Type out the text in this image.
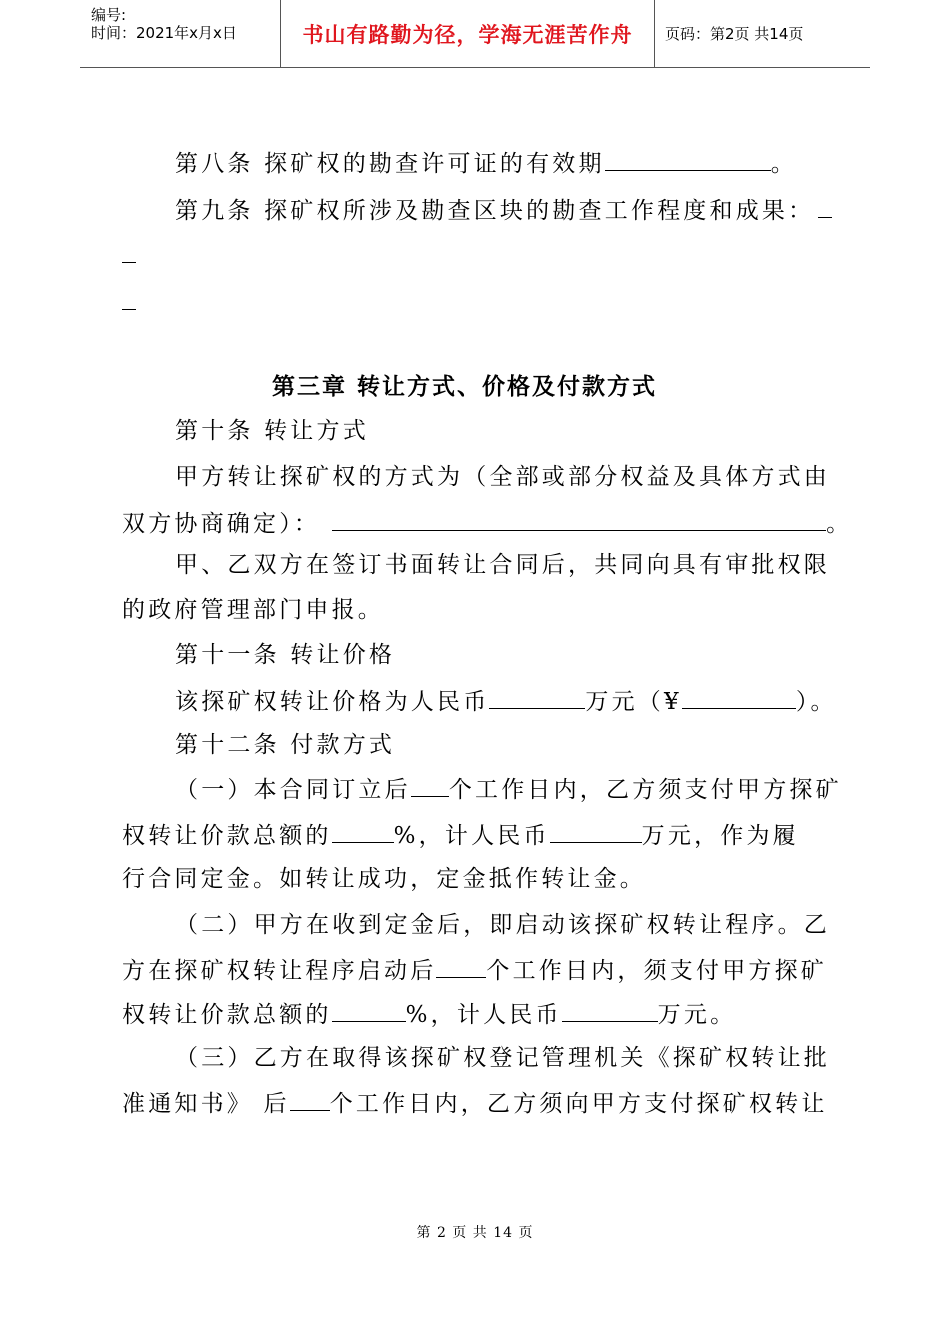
编号:
时间：2021年x月x日	书山有路勤为径，学海无涯苦作舟 页码：第2页 共14页
第八条 探矿权的勘查许可证的有效期	。
第九条 探矿权所涉及勘查区块的勘查工作程度和成果：
第三章 转让方式、价格及付款方式
第十条 转让方式
甲方转让探矿权的方式为（全部或部分权益及具体方式由
双方协商确定）：	。
甲、乙双方在签订书面转让合同后，共同向具有审批权限
的政府管理部门申报。
第十一条 转让价格
该探矿权转让价格为人民币	万元（¥	）。
第十二条 付款方式
（一）本合同订立后 个工作日内，乙方须支付甲方探矿
权转让价款总额的	%，计人民币	万元，作为履
行合同定金。如转让成功，定金抵作转让金。
（二）甲方在收到定金后，即启动该探矿权转让程序。乙
方在探矿权转让程序启动后 个工作日内，须支付甲方探矿
权转让价款总额的	%，计人民币	万元。
（三）乙方在取得该探矿权登记管理机关《探矿权转让批
准通知书》 后 个工作日内，乙方须向甲方支付探矿权转让
第 2 页 共 14 页
